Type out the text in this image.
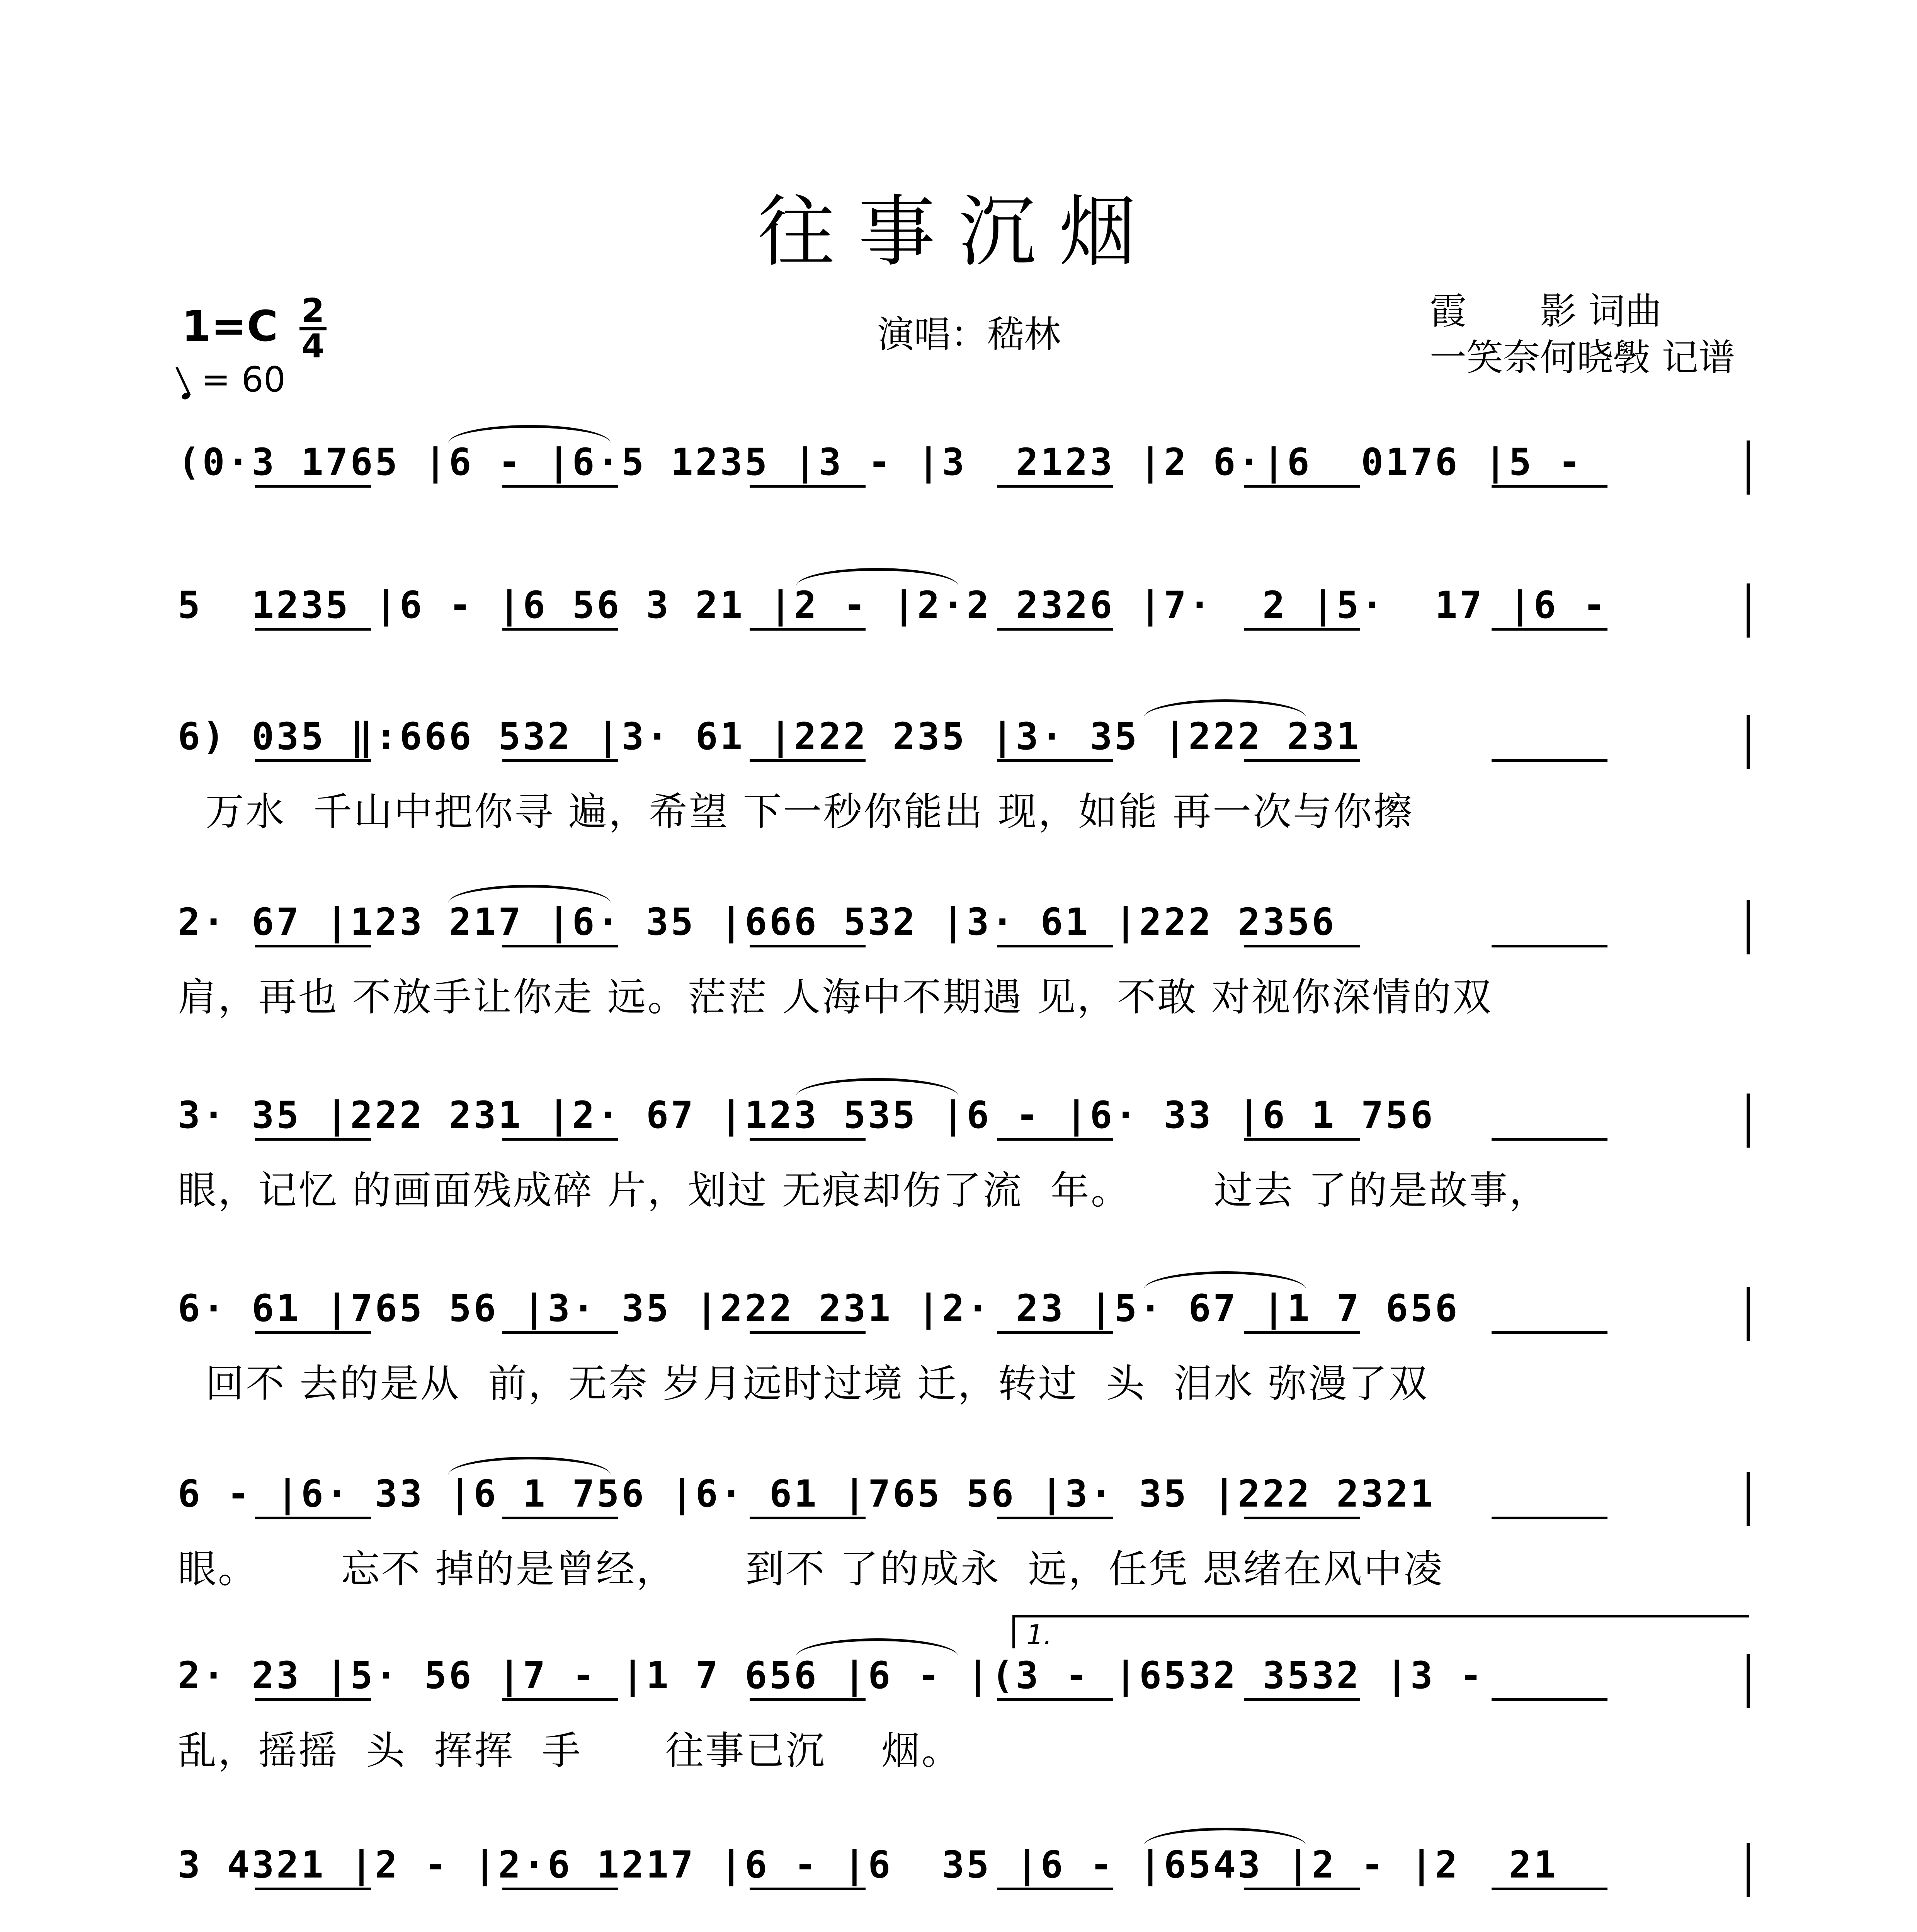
往事沉烟
1=C 2
4
= 60
演唱：嵇林
霞　　影 词曲
一笑奈何晓斅 记谱
(0·3 1765 |6 - |6·5 1235 |3 - |3  2123 |2 6·|6  0176 |5 -
5  1235 |6 - |6 56 3 21 |2 - |2·2 2326 |7·  2 |5·  17 |6 -
6) 035 ‖:666 532 |3· 61 |222 235 |3· 35 |222 231
万水  千山中把你寻 遍，希望 下一秒你能出 现，如能 再一次与你擦
2· 67 |123 217 |6· 35 |666 532 |3· 61 |222 2356
肩，再也 不放手让你走 远。茫茫 人海中不期遇 见，不敢 对视你深情的双
3· 35 |222 231 |2· 67 |123 535 |6 - |6· 33 |6 1 756
眼，记忆 的画面残成碎 片，划过 无痕却伤了流  年。      过去 了的是故事，
6· 61 |765 56 |3· 35 |222 231 |2· 23 |5· 67 |1 7 656
回不 去的是从  前，无奈 岁月远时过境 迁，转过  头  泪水 弥漫了双
6 - |6· 33 |6 1 756 |6· 61 |765 56 |3· 35 |222 2321
眼。      忘不 掉的是曾经，     到不 了的成永  远，任凭 思绪在风中凌
2· 23 |5· 56 |7 - |1 7 656 |6 - |(3 - |6532 3532 |3 -
乱，摇摇  头  挥挥  手      往事已沉    烟。
3 4321 |2 - |2·6 1217 |6 - |6  35 |6 - |6543 |2 - |2  21
1.
